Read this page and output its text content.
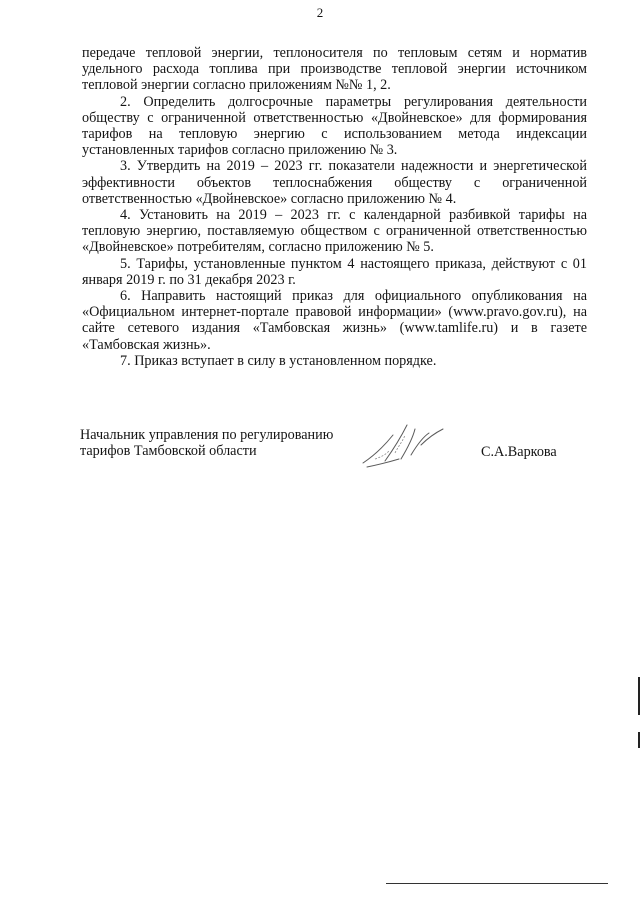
2

передаче тепловой энергии, теплоносителя по тепловым сетям и норматив удельного расхода топлива при производстве тепловой энергии источником тепловой энергии согласно приложениям №№ 1, 2.

2. Определить долгосрочные параметры регулирования деятельности обществу с ограниченной ответственностью «Двойневское» для формирования тарифов на тепловую энергию с использованием метода индексации установленных тарифов согласно приложению № 3.

3. Утвердить на 2019 – 2023 гг. показатели надежности и энергетической эффективности объектов теплоснабжения обществу с ограниченной ответственностью «Двойневское» согласно приложению № 4.

4. Установить на 2019 – 2023 гг. с календарной разбивкой тарифы на тепловую энергию, поставляемую обществом с ограниченной ответственностью «Двойневское» потребителям, согласно приложению № 5.

5. Тарифы, установленные пунктом 4 настоящего приказа, действуют с 01 января 2019 г. по 31 декабря 2023 г.

6. Направить настоящий приказ для официального опубликования на «Официальном интернет-портале правовой информации» (www.pravo.gov.ru), на сайте сетевого издания «Тамбовская жизнь» (www.tamlife.ru) и в газете «Тамбовская жизнь».

7. Приказ вступает в силу в установленном порядке.

Начальник управления по регулированию
тарифов Тамбовской области	С.А.Варкова
